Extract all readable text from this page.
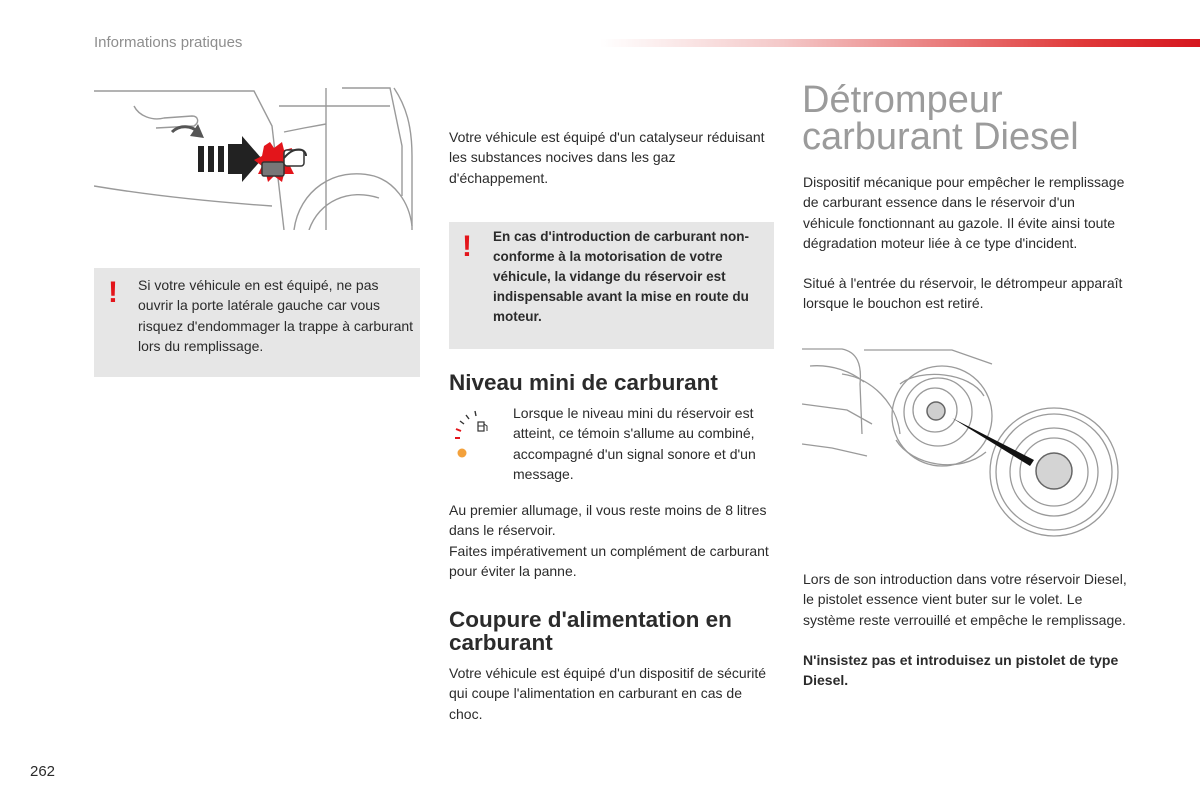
Informations pratiques
! Si votre véhicule en est équipé, ne pas ouvrir la porte latérale gauche car vous risquez d'endommager la trappe à carburant lors du remplissage.
Votre véhicule est équipé d'un catalyseur réduisant les substances nocives dans les gaz d'échappement.
! En cas d'introduction de carburant non-conforme à la motorisation de votre véhicule, la vidange du réservoir est indispensable avant la mise en route du moteur.
Niveau mini de carburant
Lorsque le niveau mini du réservoir est atteint, ce témoin s'allume au combiné, accompagné d'un signal sonore et d'un message.
Au premier allumage, il vous reste moins de 8 litres dans le réservoir.
Faites impérativement un complément de carburant pour éviter la panne.
Coupure d'alimentation en carburant
Votre véhicule est équipé d'un dispositif de sécurité qui coupe l'alimentation en carburant en cas de choc.
Détrompeur carburant Diesel
Dispositif mécanique pour empêcher le remplissage de carburant essence dans le réservoir d'un véhicule fonctionnant au gazole. Il évite ainsi toute dégradation moteur liée à ce type d'incident.
Situé à l'entrée du réservoir, le détrompeur apparaît lorsque le bouchon est retiré.
Lors de son introduction dans votre réservoir Diesel, le pistolet essence vient buter sur le volet. Le système reste verrouillé et empêche le remplissage.
N'insistez pas et introduisez un pistolet de type Diesel.
262
